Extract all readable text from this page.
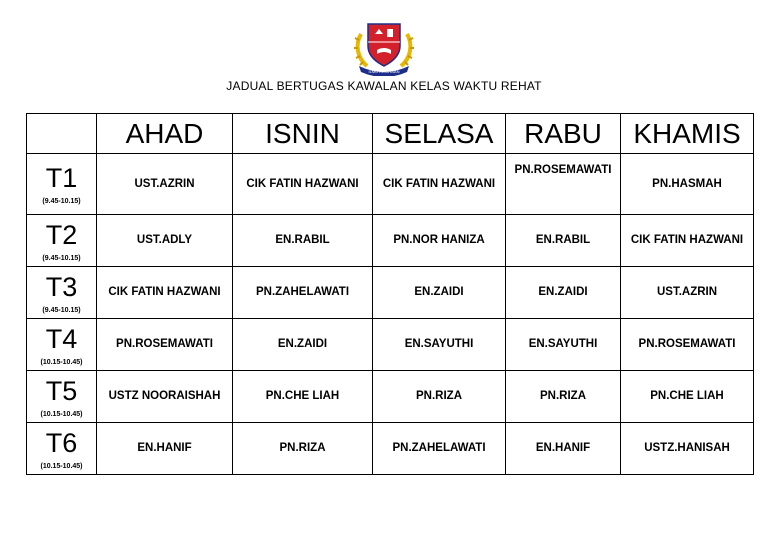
ILMU KEJAYAAN
JADUAL BERTUGAS KAWALAN KELAS WAKTU REHAT
	AHAD	ISNIN	SELASA	RABU	KHAMIS

T1
(9.45-10.15)	UST.AZRIN	CIK FATIN HAZWANI	CIK FATIN HAZWANI	PN.ROSEMAWATI	PN.HASMAH

T2
(9.45-10.15)	UST.ADLY	EN.RABIL	PN.NOR HANIZA	EN.RABIL	CIK FATIN HAZWANI

T3
(9.45-10.15)	CIK FATIN HAZWANI	PN.ZAHELAWATI	EN.ZAIDI	EN.ZAIDI	UST.AZRIN

T4
(10.15-10.45)	PN.ROSEMAWATI	EN.ZAIDI	EN.SAYUTHI	EN.SAYUTHI	PN.ROSEMAWATI

T5
(10.15-10.45)	USTZ NOORAISHAH	PN.CHE LIAH	PN.RIZA	PN.RIZA	PN.CHE LIAH

T6
(10.15-10.45)	EN.HANIF	PN.RIZA	PN.ZAHELAWATI	EN.HANIF	USTZ.HANISAH
